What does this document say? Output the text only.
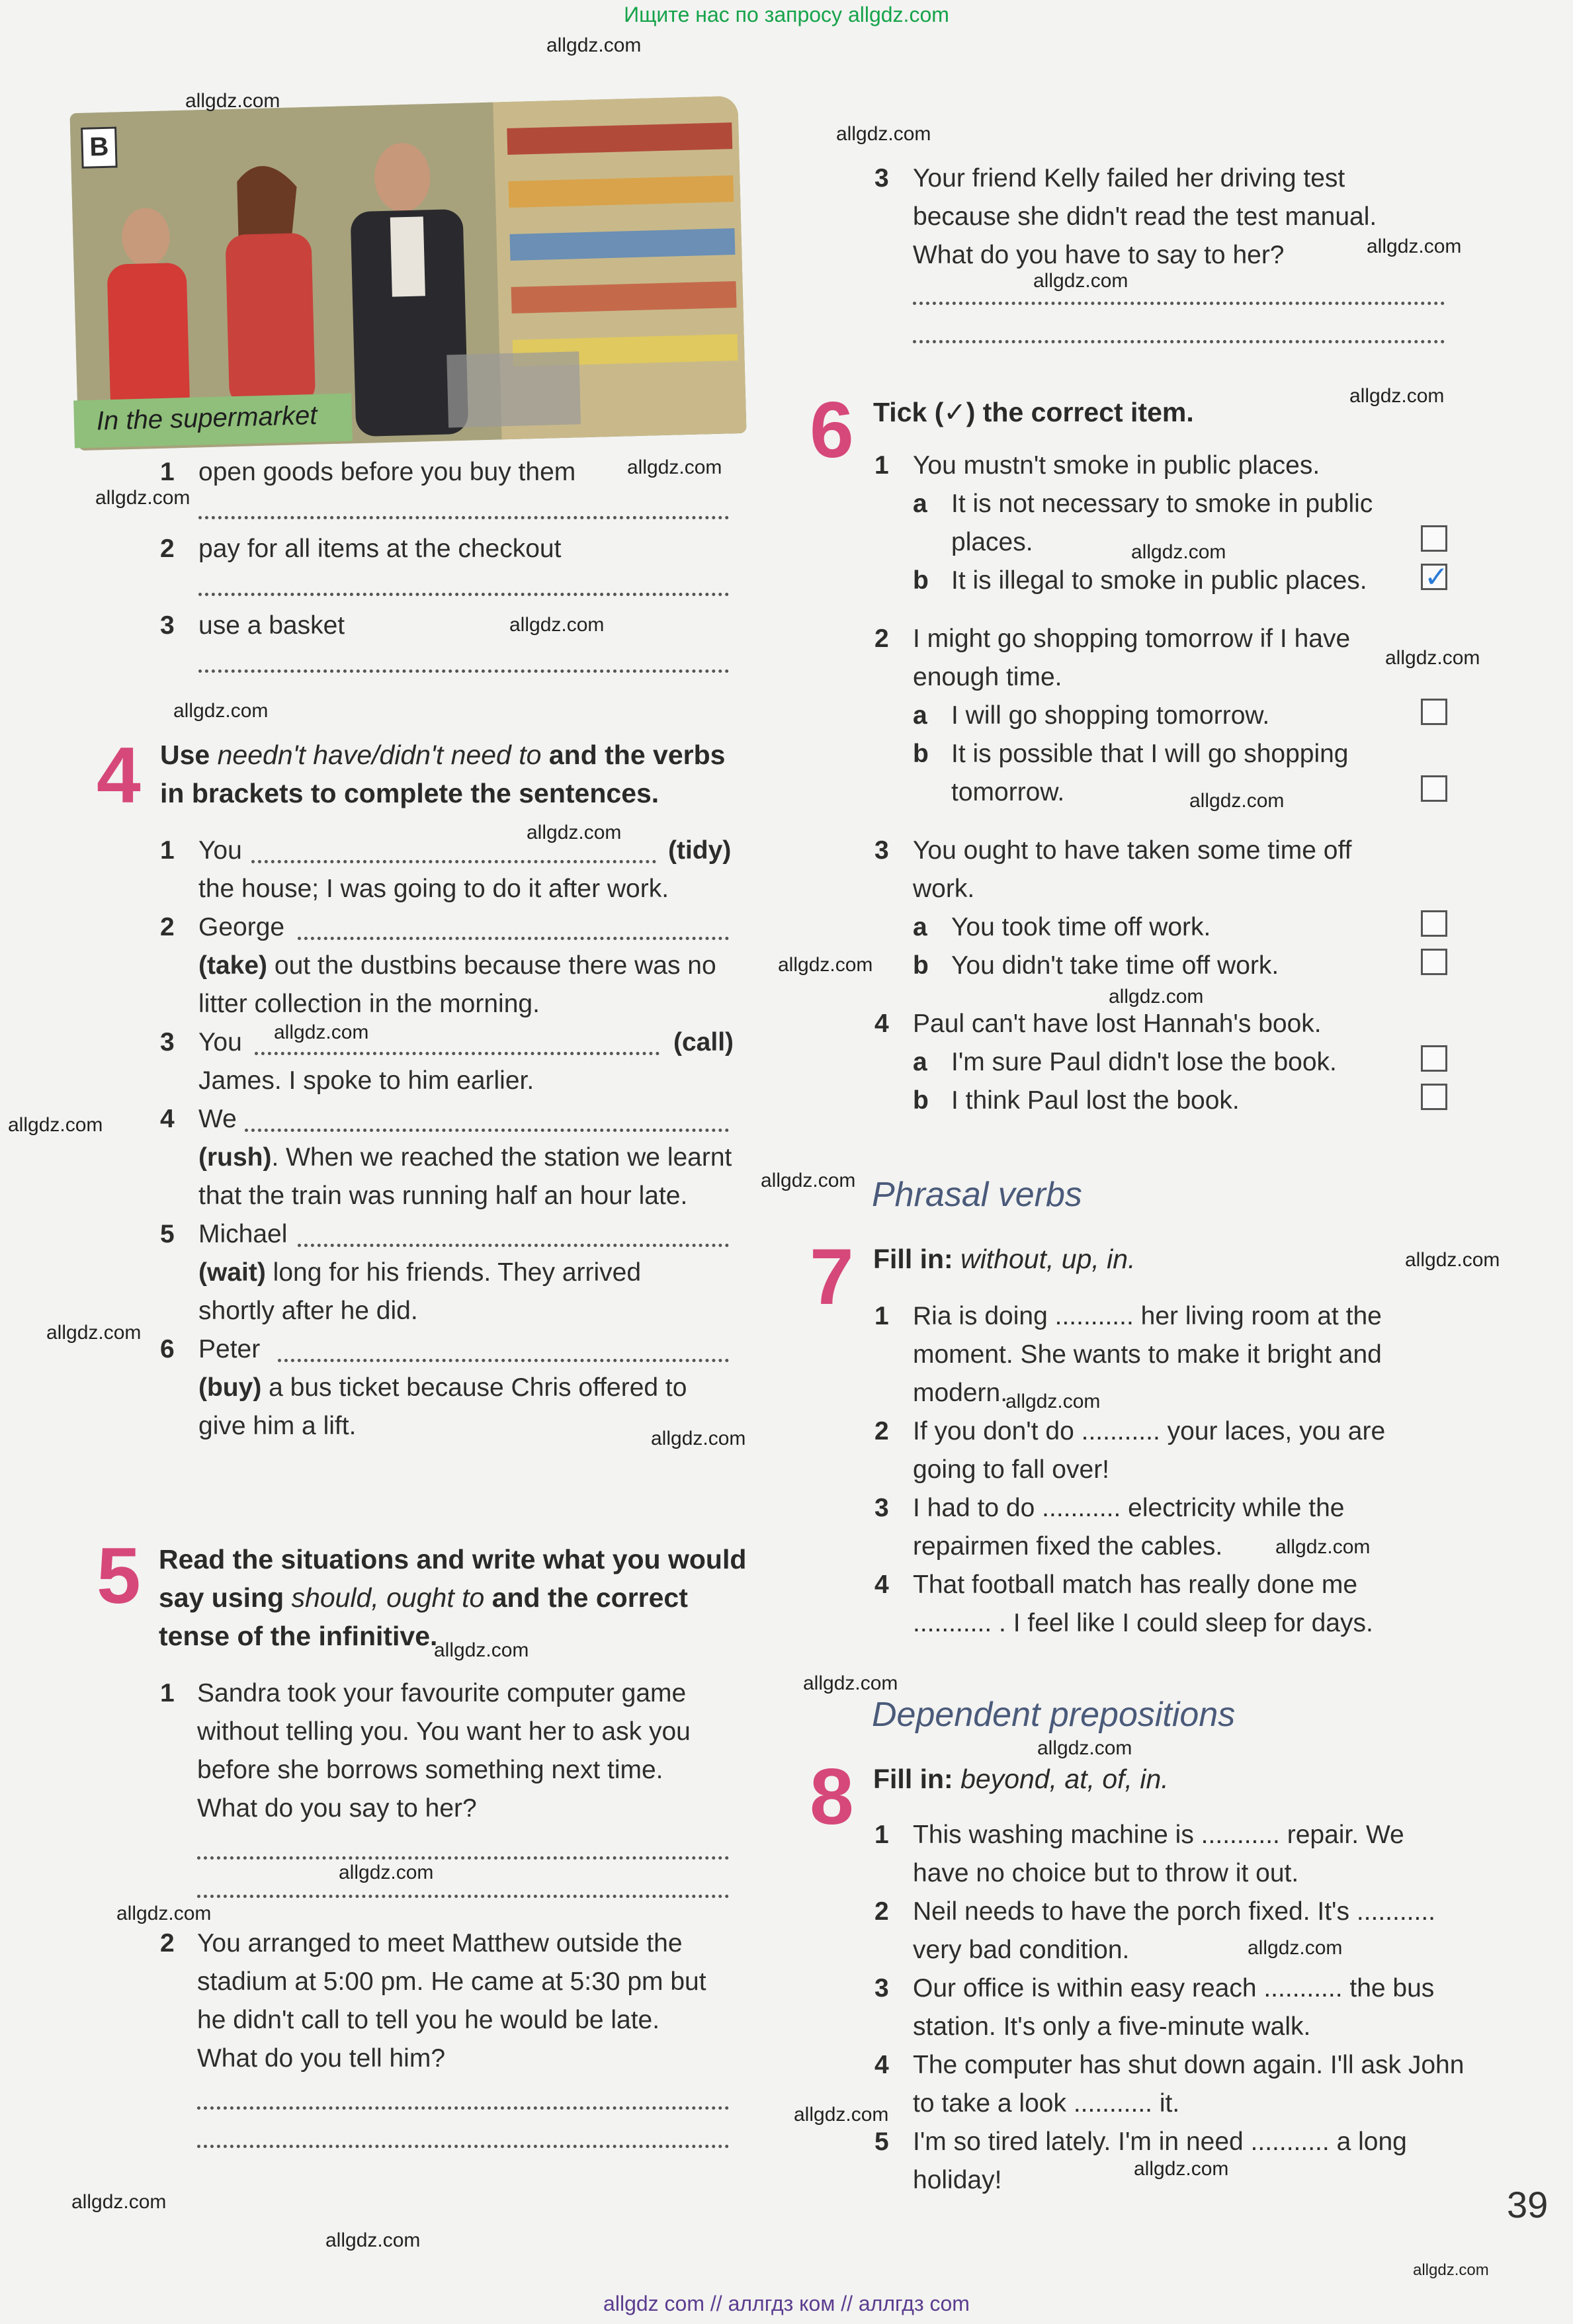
Ищите нас по запросу allgdz.com
allgdz com // аллгдз ком // аллгдз com
B
In the supermarket
1 open goods before you buy them
2 pay for all items at the checkout
3 use a basket
4 Use needn't have/didn't need to and the verbs
in brackets to complete the sentences.
1 You	(tidy)
the house; I was going to do it after work.
2 George
(take) out the dustbins because there was no
litter collection in the morning.
3 You	(call)
James. I spoke to him earlier.
4 We
(rush). When we reached the station we learnt
that the train was running half an hour late.
5 Michael
(wait) long for his friends. They arrived
shortly after he did.
6 Peter
(buy) a bus ticket because Chris offered to
give him a lift.
5 Read the situations and write what you would
say using should, ought to and the correct
tense of the infinitive.
1 Sandra took your favourite computer game
without telling you. You want her to ask you
before she borrows something next time.
What do you say to her?
2 You arranged to meet Matthew outside the
stadium at 5:00 pm. He came at 5:30 pm but
he didn't call to tell you he would be late.
What do you tell him?
3 Your friend Kelly failed her driving test
because she didn't read the test manual.
What do you have to say to her?
6 Tick (✓) the correct item.
1 You mustn't smoke in public places.
a It is not necessary to smoke in public
places.
b It is illegal to smoke in public places. ✓
2 I might go shopping tomorrow if I have
enough time.
a I will go shopping tomorrow.
b It is possible that I will go shopping
tomorrow.
3 You ought to have taken some time off
work.
a You took time off work.
b You didn't take time off work.
4 Paul can't have lost Hannah's book.
a I'm sure Paul didn't lose the book.
b I think Paul lost the book.
Phrasal verbs
7 Fill in: without, up, in.
1 Ria is doing ........... her living room at the
moment. She wants to make it bright and
modern.
2 If you don't do ........... your laces, you are
going to fall over!
3 I had to do ........... electricity while the
repairmen fixed the cables.
4 That football match has really done me
........... . I feel like I could sleep for days.
Dependent prepositions
8 Fill in: beyond, at, of, in.
1 This washing machine is ........... repair. We
have no choice but to throw it out.
2 Neil needs to have the porch fixed. It's ...........
very bad condition.
3 Our office is within easy reach ........... the bus
station. It's only a five-minute walk.
4 The computer has shut down again. I'll ask John
to take a look ........... it.
5 I'm so tired lately. I'm in need ........... a long
holiday!
39
allgdz.com
allgdz.com
allgdz.com
allgdz.com
allgdz.com
allgdz.com
allgdz.com
allgdz.com
allgdz.com
allgdz.com
allgdz.com
allgdz.com
allgdz.com
allgdz.com
allgdz.com
allgdz.com
allgdz.com
allgdz.com
allgdz.com
allgdz.com
allgdz.com
allgdz.com
allgdz.com
allgdz.com
allgdz.com
allgdz.com
allgdz.com
allgdz.com
allgdz.com
allgdz.com
allgdz.com
allgdz.com
allgdz.com
allgdz.com
allgdz.com
